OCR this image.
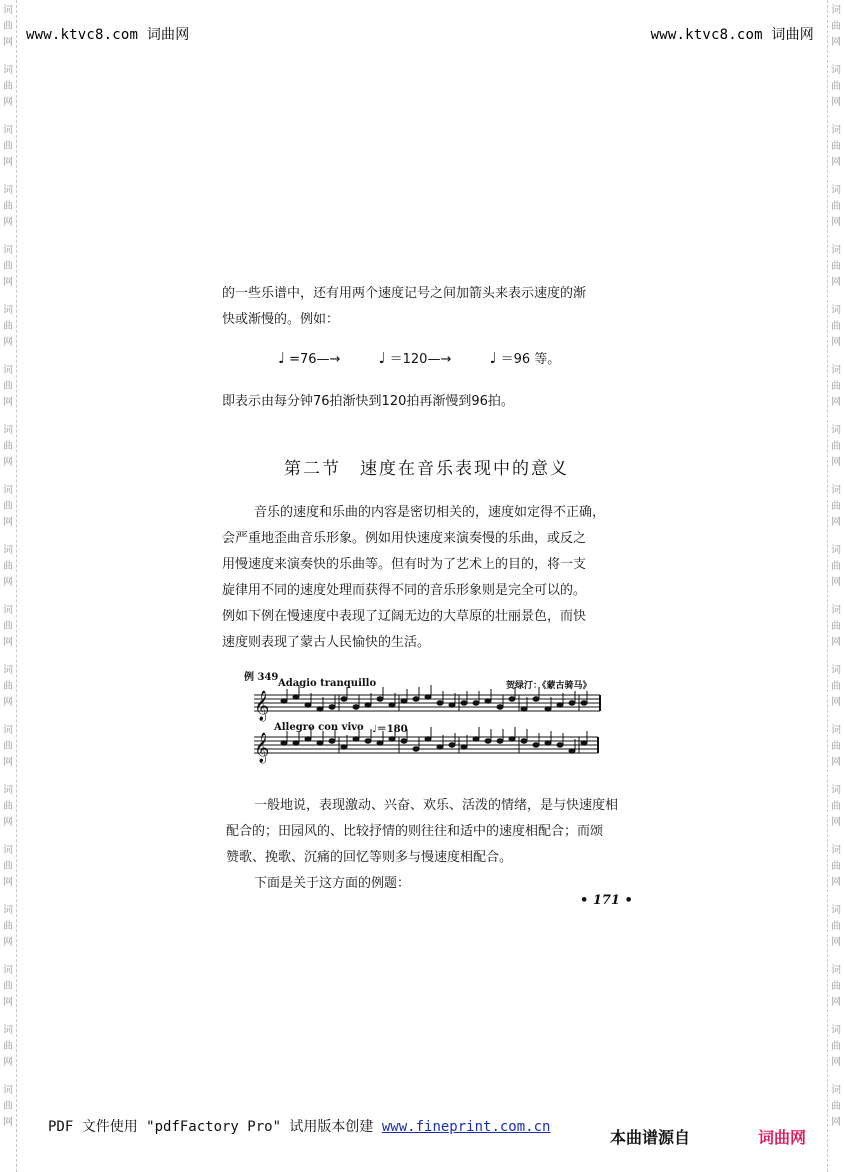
词
曲
网
词
曲
网
词
曲
网
词
曲
网
词
曲
网
词
曲
网
词
曲
网
词
曲
网
词
曲
网
词
曲
网
词
曲
网
词
曲
网
词
曲
网
词
曲
网
词
曲
网
词
曲
网
词
曲
网
词
曲
网
词
曲
网
词
曲
网
词
曲
网
词
曲
网
词
曲
网
词
曲
网
词
曲
网
词
曲
网
词
曲
网
词
曲
网
词
曲
网
词
曲
网
词
曲
网
词
曲
网
词
曲
网
词
曲
网
词
曲
网
词
曲
网
词
曲
网
词
曲
网
www.ktvc8.com 词曲网	www.ktvc8.com 词曲网
的一些乐谱中，还有用两个速度记号之间加箭头来表示速度的渐
快或渐慢的。例如：
♩ =76—→	♩ ＝120—→	♩ ＝96 等。
即表示由每分钟76拍渐快到120拍再渐慢到96拍。
第二节　速度在音乐表现中的意义
音乐的速度和乐曲的内容是密切相关的，速度如定得不正确，
会严重地歪曲音乐形象。例如用快速度来演奏慢的乐曲，或反之
用慢速度来演奏快的乐曲等。但有时为了艺术上的目的，将一支
旋律用不同的速度处理而获得不同的音乐形象则是完全可以的。
例如下例在慢速度中表现了辽阔无边的大草原的壮丽景色，而快
速度则表现了蒙古人民愉快的生活。
例 349
Adagio tranquillo	贺绿汀：《蒙古骑马》
Allegro con vivo ♩＝180
𝄞
𝄞
一般地说，表现激动、兴奋、欢乐、活泼的情绪，是与快速度相
配合的；田园风的、比较抒情的则往往和适中的速度相配合；而颂
赞歌、挽歌、沉痛的回忆等则多与慢速度相配合。
下面是关于这方面的例题：
• 171 •
PDF 文件使用 "pdfFactory Pro" 试用版本创建 www.fineprint.com.cn
本曲谱源自	词曲网
